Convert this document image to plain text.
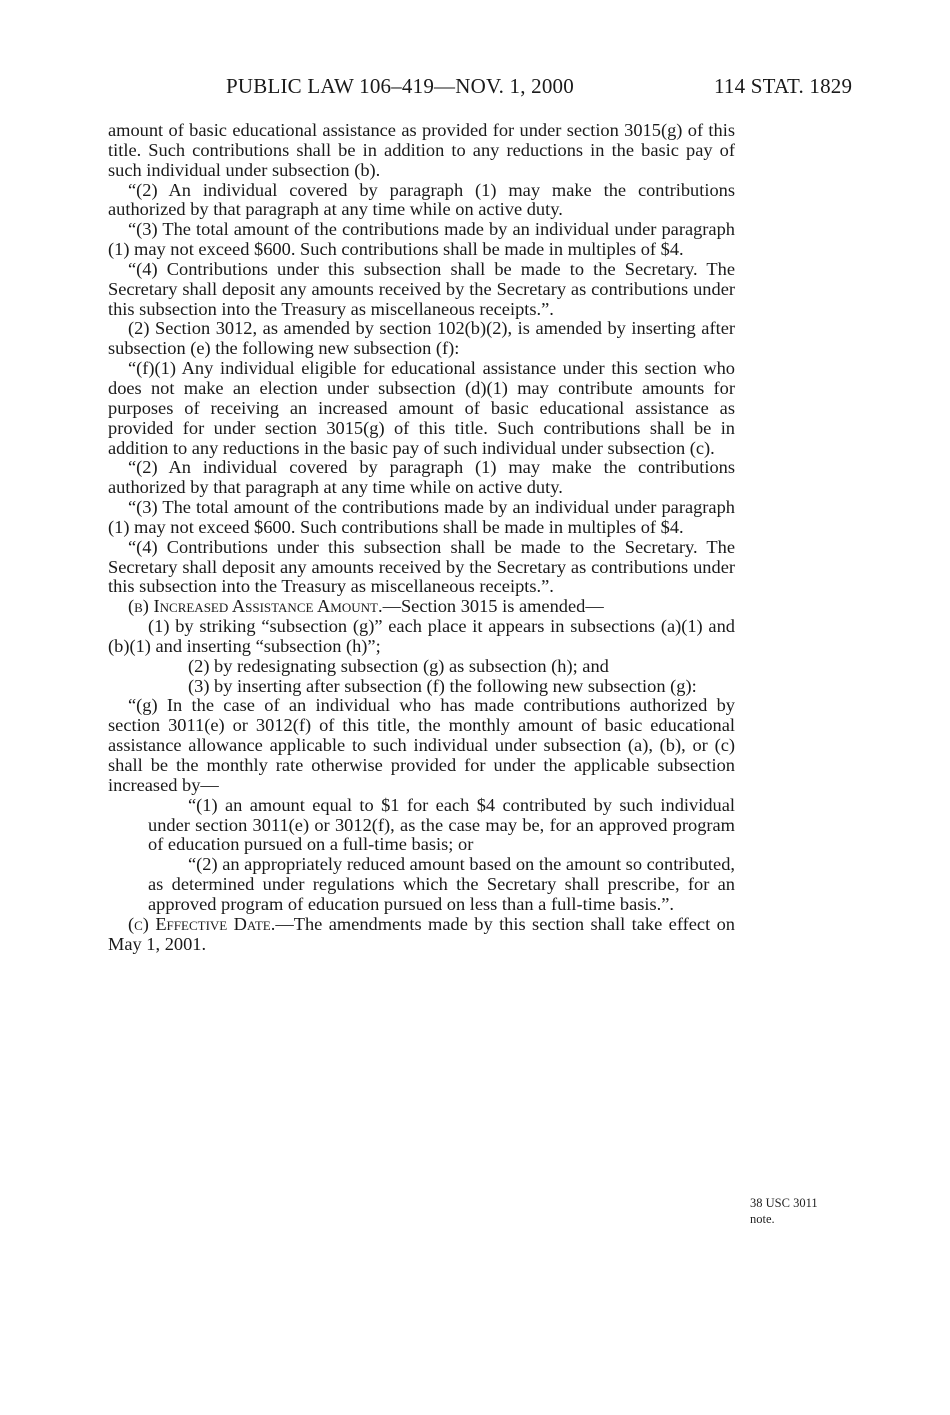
PUBLIC LAW 106–419—NOV. 1, 2000	114 STAT. 1829

amount of basic educational assistance as provided for under section 3015(g) of this title. Such contributions shall be in addition to any reductions in the basic pay of such individual under subsection (b).

“(2) An individual covered by paragraph (1) may make the contributions authorized by that paragraph at any time while on active duty.

“(3) The total amount of the contributions made by an individual under paragraph (1) may not exceed $600. Such contributions shall be made in multiples of $4.

“(4) Contributions under this subsection shall be made to the Secretary. The Secretary shall deposit any amounts received by the Secretary as contributions under this subsection into the Treasury as miscellaneous receipts.”.

(2) Section 3012, as amended by section 102(b)(2), is amended by inserting after subsection (e) the following new subsection (f):

“(f)(1) Any individual eligible for educational assistance under this section who does not make an election under subsection (d)(1) may contribute amounts for purposes of receiving an increased amount of basic educational assistance as provided for under section 3015(g) of this title. Such contributions shall be in addition to any reductions in the basic pay of such individual under subsection (c).

“(2) An individual covered by paragraph (1) may make the contributions authorized by that paragraph at any time while on active duty.

“(3) The total amount of the contributions made by an individual under paragraph (1) may not exceed $600. Such contributions shall be made in multiples of $4.

“(4) Contributions under this subsection shall be made to the Secretary. The Secretary shall deposit any amounts received by the Secretary as contributions under this subsection into the Treasury as miscellaneous receipts.”.

(b) Increased Assistance Amount.—Section 3015 is amended—

(1) by striking “subsection (g)” each place it appears in subsections (a)(1) and (b)(1) and inserting “subsection (h)”;

(2) by redesignating subsection (g) as subsection (h); and

(3) by inserting after subsection (f) the following new subsection (g):

“(g) In the case of an individual who has made contributions authorized by section 3011(e) or 3012(f) of this title, the monthly amount of basic educational assistance allowance applicable to such individual under subsection (a), (b), or (c) shall be the monthly rate otherwise provided for under the applicable subsection increased by—

“(1) an amount equal to $1 for each $4 contributed by such individual under section 3011(e) or 3012(f), as the case may be, for an approved program of education pursued on a full-time basis; or

“(2) an appropriately reduced amount based on the amount so contributed, as determined under regulations which the Secretary shall prescribe, for an approved program of education pursued on less than a full-time basis.”.

(c) Effective Date.—The amendments made by this section shall take effect on May 1, 2001.

38 USC 3011
note.
